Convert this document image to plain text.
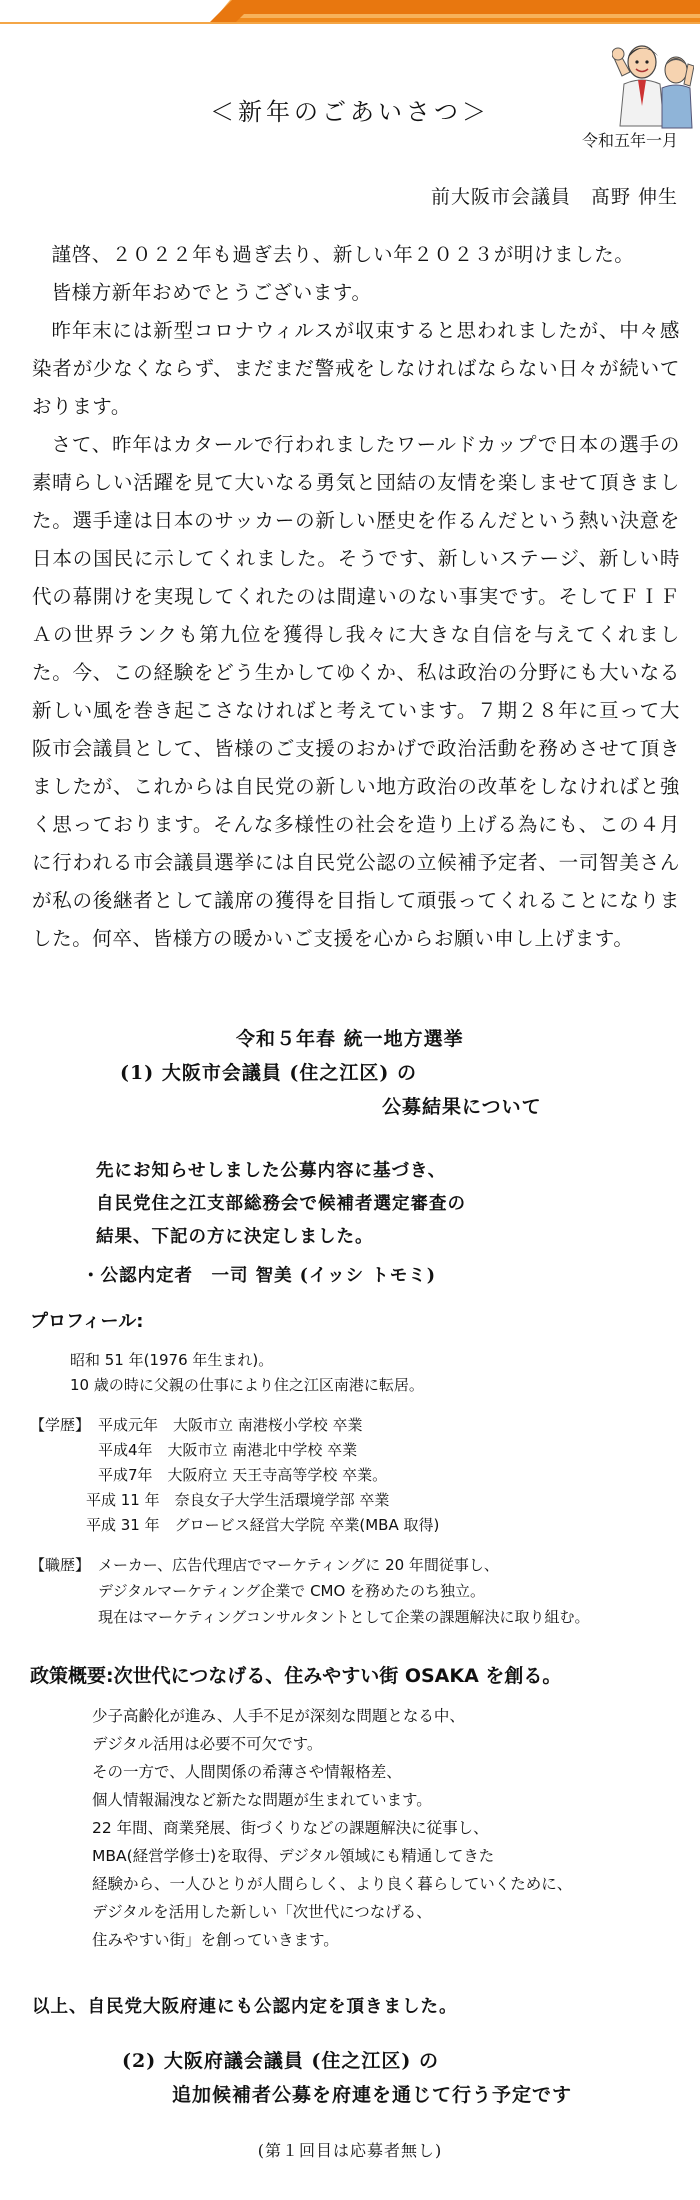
＜新年のごあいさつ＞
令和五年一月
前大阪市会議員　髙野 伸生

謹啓、２０２２年も過ぎ去り、新しい年２０２３が明けました。

皆様方新年おめでとうございます。

昨年末には新型コロナウィルスが収束すると思われましたが、中々感染者が少なくならず、まだまだ警戒をしなければならない日々が続いております。

さて、昨年はカタールで行われましたワールドカップで日本の選手の素晴らしい活躍を見て大いなる勇気と団結の友情を楽しませて頂きました。選手達は日本のサッカーの新しい歴史を作るんだという熱い決意を日本の国民に示してくれました。そうです、新しいステージ、新しい時代の幕開けを実現してくれたのは間違いのない事実です。そしてＦＩＦＡの世界ランクも第九位を獲得し我々に大きな自信を与えてくれました。今、この経験をどう生かしてゆくか、私は政治の分野にも大いなる新しい風を巻き起こさなければと考えています。７期２８年に亘って大阪市会議員として、皆様のご支援のおかげで政治活動を務めさせて頂きましたが、これからは自民党の新しい地方政治の改革をしなければと強く思っております。そんな多様性の社会を造り上げる為にも、この４月に行われる市会議員選挙には自民党公認の立候補予定者、一司智美さんが私の後継者として議席の獲得を目指して頑張ってくれることになりました。何卒、皆様方の暖かいご支援を心からお願い申し上げます。

令和５年春 統一地方選挙
(1) 大阪市会議員 (住之江区) の
公募結果について
先にお知らせしました公募内容に基づき、
自民党住之江支部総務会で候補者選定審査の
結果、下記の方に決定しました。
・公認内定者　一司 智美 (イッシ トモミ)
プロフィール:
昭和 51 年(1976 年生まれ)。
10 歳の時に父親の仕事により住之江区南港に転居。
【学歴】 平成元年　大阪市立 南港桜小学校 卒業
平成4年　大阪市立 南港北中学校 卒業
平成7年　大阪府立 天王寺高等学校 卒業。
平成 11 年　奈良女子大学生活環境学部 卒業
平成 31 年　グロービス経営大学院 卒業(MBA 取得)
【職歴】 メーカー、広告代理店でマーケティングに 20 年間従事し、
デジタルマーケティング企業で CMO を務めたのち独立。
現在はマーケティングコンサルタントとして企業の課題解決に取り組む。
政策概要:次世代につなげる、住みやすい街 OSAKA を創る。
少子高齢化が進み、人手不足が深刻な問題となる中、
デジタル活用は必要不可欠です。
その一方で、人間関係の希薄さや情報格差、
個人情報漏洩など新たな問題が生まれています。
22 年間、商業発展、街づくりなどの課題解決に従事し、
MBA(経営学修士)を取得、デジタル領域にも精通してきた
経験から、一人ひとりが人間らしく、より良く暮らしていくために、
デジタルを活用した新しい「次世代につなげる、
住みやすい街」を創っていきます。
以上、自民党大阪府連にも公認内定を頂きました。
(2) 大阪府議会議員 (住之江区) の
追加候補者公募を府連を通じて行う予定です
(第１回目は応募者無し)
